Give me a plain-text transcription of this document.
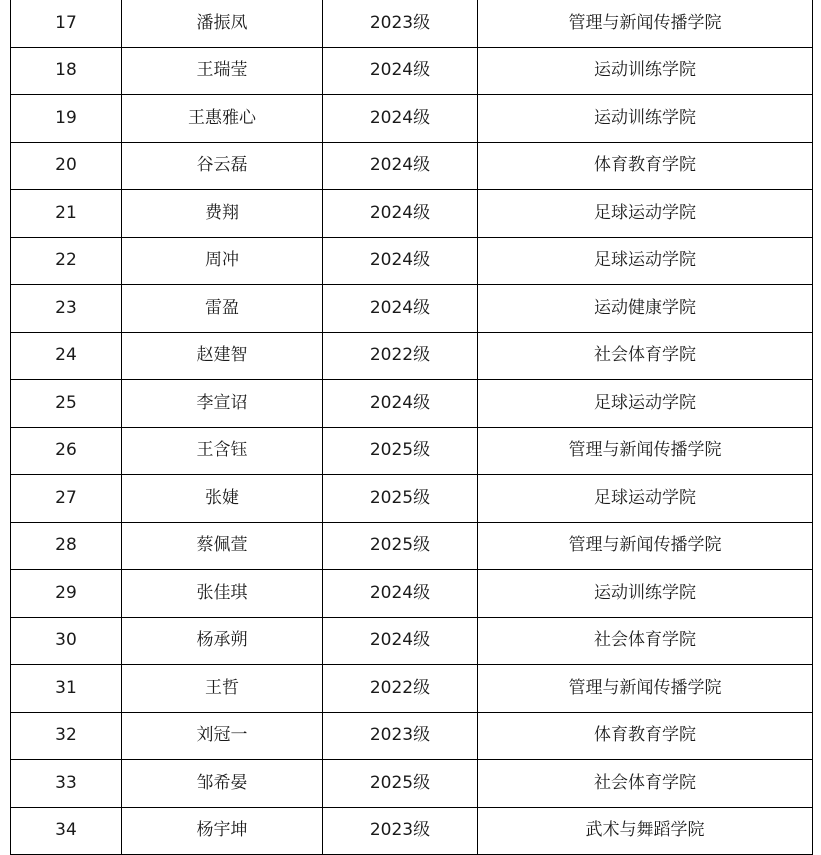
17	潘振凤	2023级	管理与新闻传播学院
18	王瑞莹	2024级	运动训练学院
19	王惠雅心	2024级	运动训练学院
20	谷云磊	2024级	体育教育学院
21	费翔	2024级	足球运动学院
22	周冲	2024级	足球运动学院
23	雷盈	2024级	运动健康学院
24	赵建智	2022级	社会体育学院
25	李宣诏	2024级	足球运动学院
26	王含钰	2025级	管理与新闻传播学院
27	张婕	2025级	足球运动学院
28	蔡佩萱	2025级	管理与新闻传播学院
29	张佳琪	2024级	运动训练学院
30	杨承朔	2024级	社会体育学院
31	王哲	2022级	管理与新闻传播学院
32	刘冠一	2023级	体育教育学院
33	邹希晏	2025级	社会体育学院
34	杨宇坤	2023级	武术与舞蹈学院
